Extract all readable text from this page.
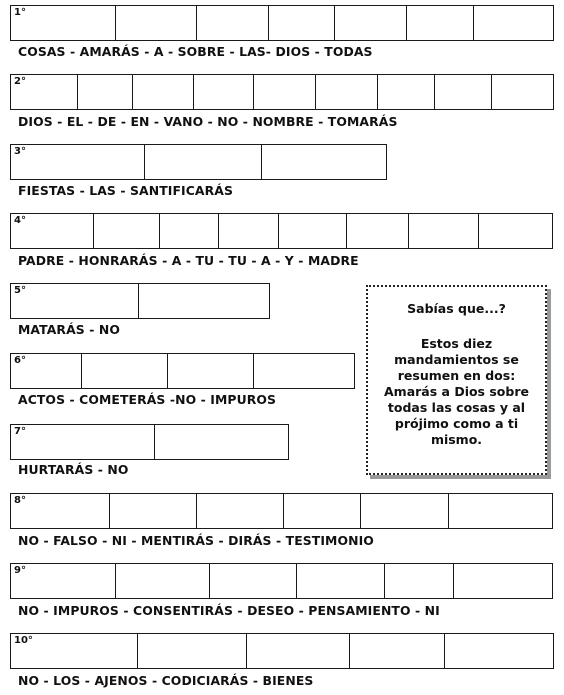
1°
COSAS - AMARÁS - A - SOBRE - LAS- DIOS - TODAS
2°
DIOS - EL - DE - EN - VANO - NO - NOMBRE - TOMARÁS
3°
FIESTAS - LAS - SANTIFICARÁS
4°
PADRE - HONRARÁS - A - TU - TU - A - Y - MADRE
5°
MATARÁS - NO
6°
ACTOS - COMETERÁS -NO - IMPUROS
7°
HURTARÁS - NO
8°
NO - FALSO - NI - MENTIRÁS - DIRÁS - TESTIMONIO
9°
NO - IMPUROS - CONSENTIRÁS - DESEO - PENSAMIENTO - NI
10°
NO - LOS - AJENOS - CODICIARÁS - BIENES
Sabías que...?
Estos diez mandamientos se resumen en dos: Amarás a Dios sobre todas las cosas y al prójimo como a ti mismo.
